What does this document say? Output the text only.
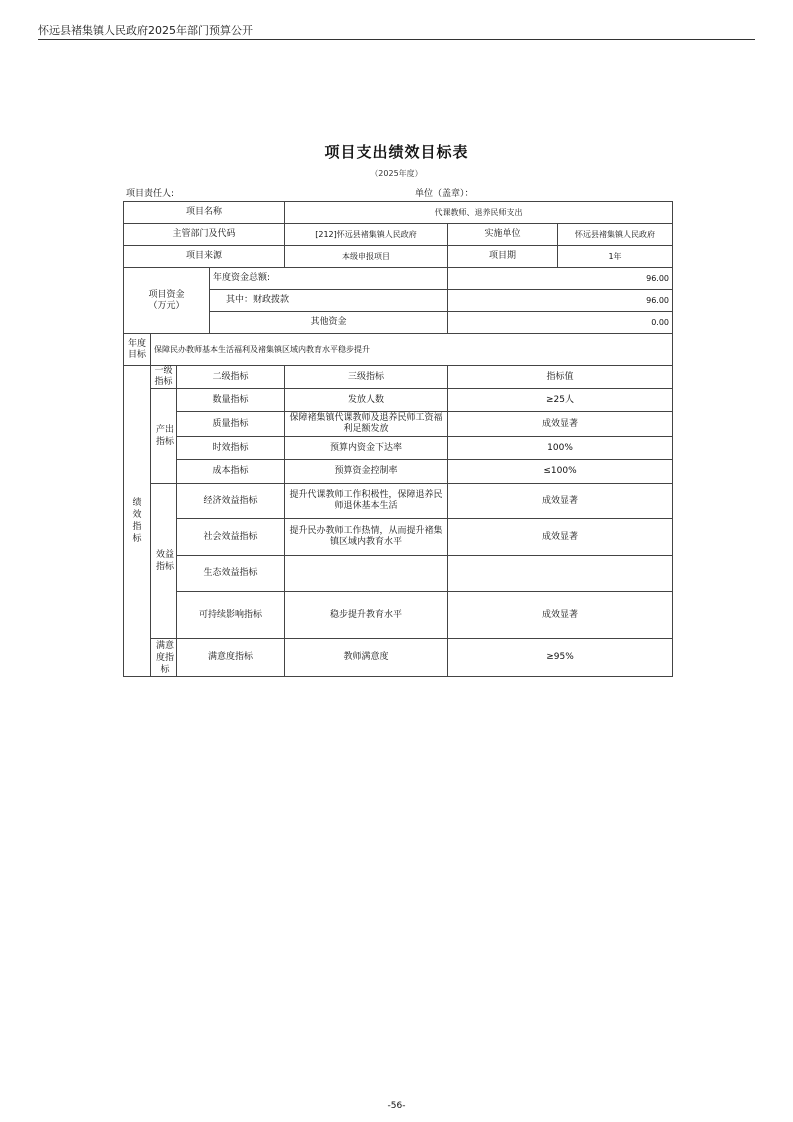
怀远县褚集镇人民政府2025年部门预算公开
项目支出绩效目标表
（2025年度）
项目责任人:	单位（盖章）：
项目名称				代课教师、退养民师支出		
主管部门及代码				[212]怀远县褚集镇人民政府	实施单位	怀远县褚集镇人民政府
项目来源				本级申报项目	项目期	1年

项目资金
（万元）			年度资金总额:		96.00	
			其中：财政拨款		96.00	
			其他资金		0.00	

年度
目标	保障民办教师基本生活福利及褚集镇区域内教育水平稳步提升					
绩效指标	一级指标	二级指标		三级指标	指标值	
	产出指标	数量指标		发放人数	≥25人	
		质量指标		保障褚集镇代课教师及退养民师工资福利足额发放	成效显著	
		时效指标		预算内资金下达率	100%	
		成本指标		预算资金控制率	≤100%	
	效益指标	经济效益指标		提升代课教师工作积极性，保障退养民师退休基本生活	成效显著	
		社会效益指标		提升民办教师工作热情，从而提升褚集镇区域内教育水平	成效显著	
		生态效益指标				
		可持续影响指标		稳步提升教育水平	成效显著	
	满意度指标	满意度指标		教师满意度	≥95%	
-56-
